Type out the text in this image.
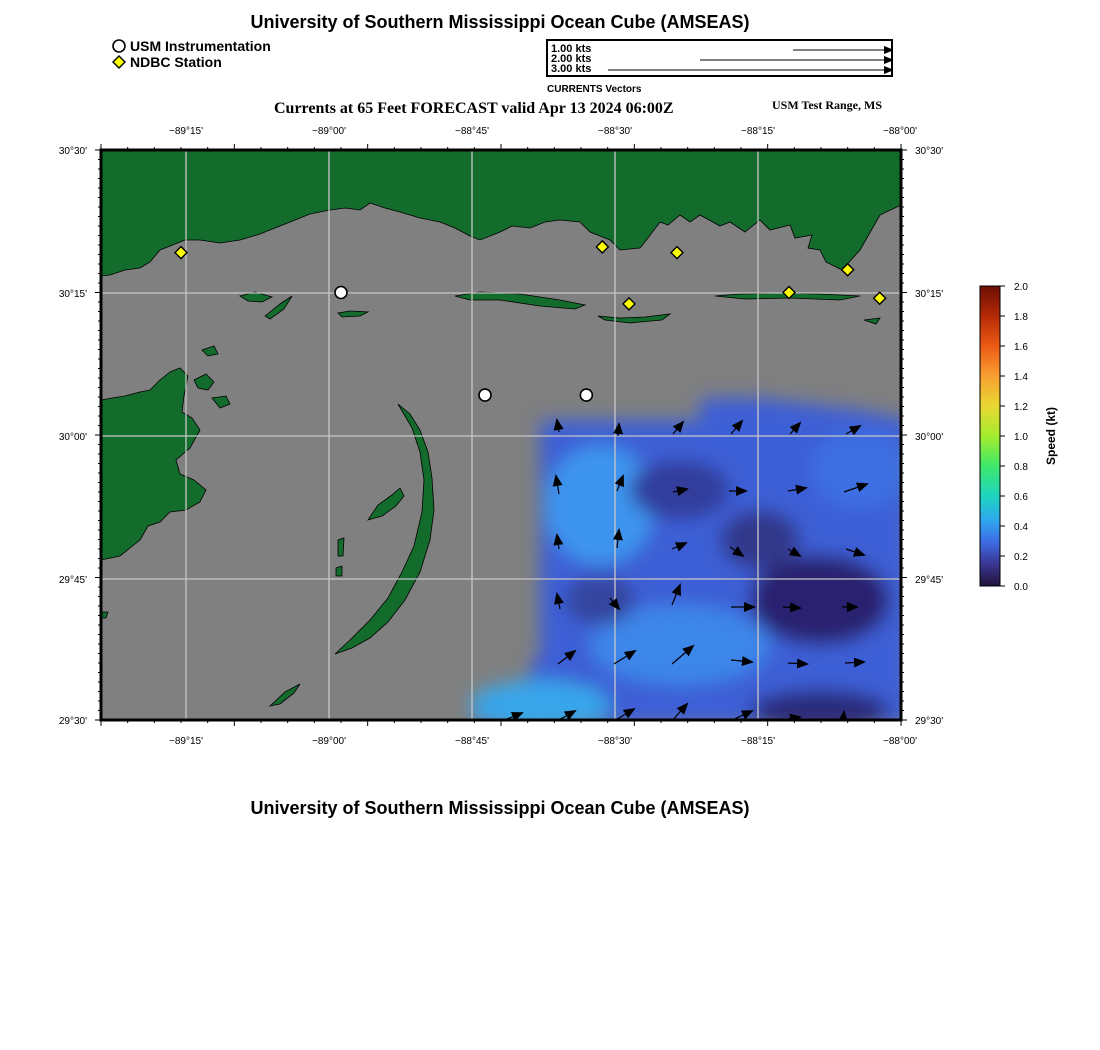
University of Southern Mississippi Ocean Cube (AMSEAS)
USM Instrumentation
NDBC Station
1.00 kts
2.00 kts
3.00 kts
CURRENTS Vectors
Currents at 65 Feet FORECAST valid Apr 13 2024 06:00Z	USM Test Range, MS
−89°15'	−89°00'	−88°45'	−88°30'	−88°15'	−88°00'
−89°15'	−89°00'	−88°45'	−88°30'	−88°15'	−88°00'
30°30'
30°15'
30°00'
29°45'
29°30'
30°30'
30°15'
30°00'
29°45'
29°30'
2.0
1.8
1.6
1.4
1.2
1.0
0.8
0.6
0.4
0.2
0.0
Speed (kt)
University of Southern Mississippi Ocean Cube (AMSEAS)
